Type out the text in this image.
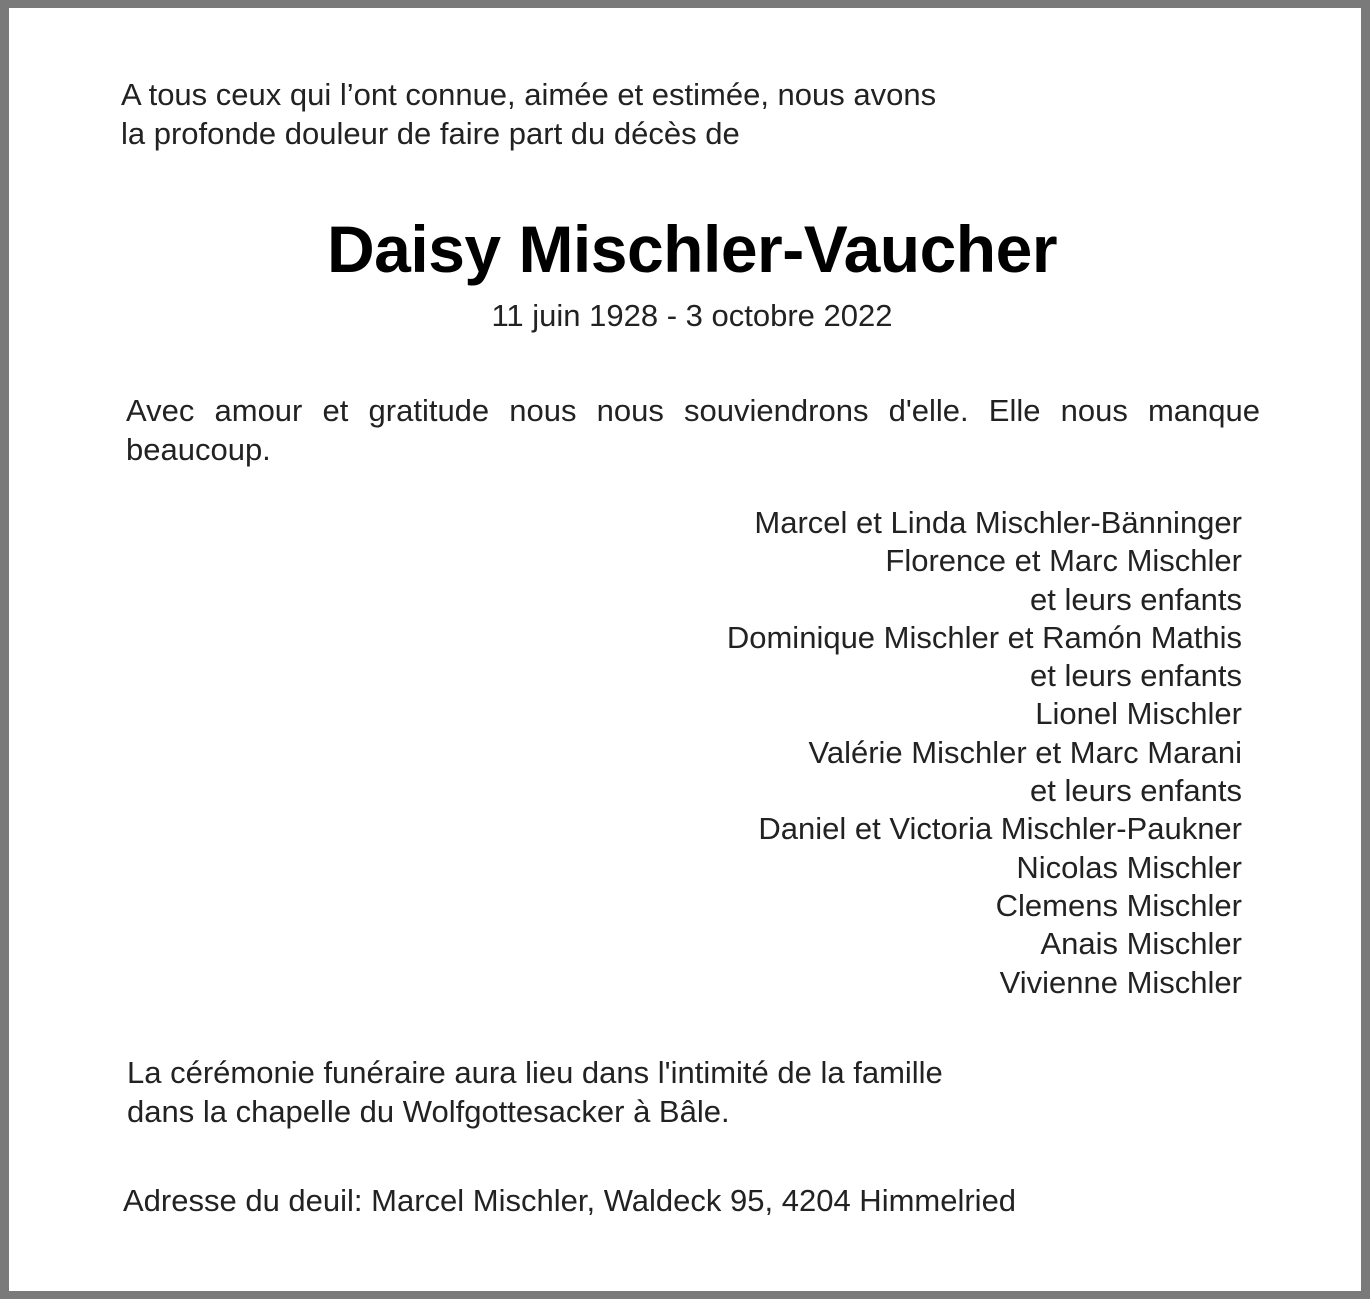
A tous ceux qui l’ont connue, aimée et estimée, nous avons
la profonde douleur de faire part du décès de

Daisy Mischler-Vaucher

11 juin 1928 - 3 octobre 2022

Avec amour et gratitude nous nous souviendrons d'elle. Elle nous manque beaucoup.

Marcel et Linda Mischler-Bänninger
Florence et Marc Mischler
et leurs enfants
Dominique Mischler et Ramón Mathis
et leurs enfants
Lionel Mischler
Valérie Mischler et Marc Marani
et leurs enfants
Daniel et Victoria Mischler-Paukner
Nicolas Mischler
Clemens Mischler
Anais Mischler
Vivienne Mischler

La cérémonie funéraire aura lieu dans l'intimité de la famille
dans la chapelle du Wolfgottesacker à Bâle.

Adresse du deuil: Marcel Mischler, Waldeck 95, 4204 Himmelried
